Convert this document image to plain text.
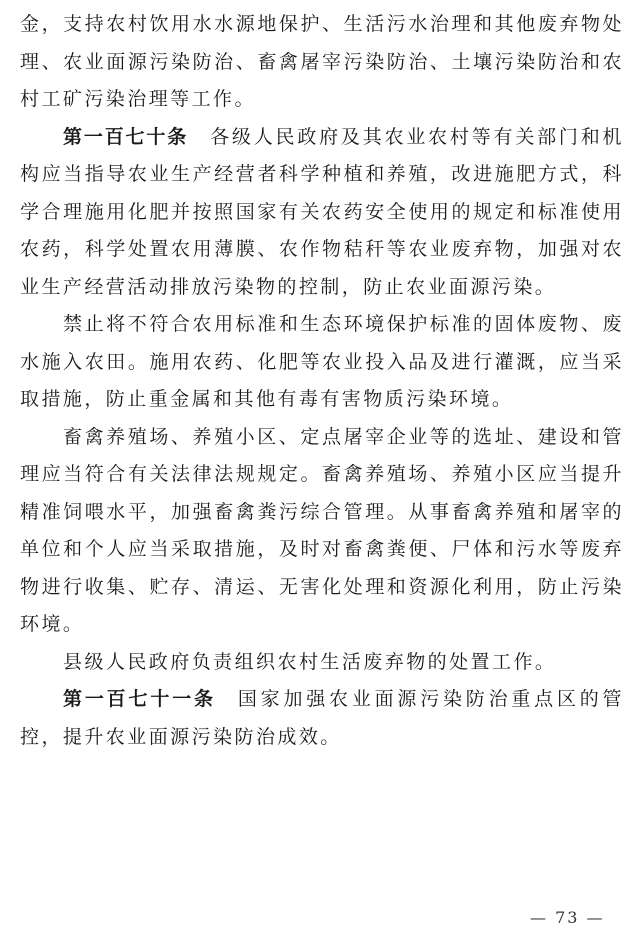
金，支持农村饮用水水源地保护、生活污水治理和其他废弃物处理、农业面源污染防治、畜禽屠宰污染防治、土壤污染防治和农村工矿污染治理等工作。

第一百七十条 各级人民政府及其农业农村等有关部门和机构应当指导农业生产经营者科学种植和养殖，改进施肥方式，科学合理施用化肥并按照国家有关农药安全使用的规定和标准使用农药，科学处置农用薄膜、农作物秸秆等农业废弃物，加强对农业生产经营活动排放污染物的控制，防止农业面源污染。

禁止将不符合农用标准和生态环境保护标准的固体废物、废水施入农田。施用农药、化肥等农业投入品及进行灌溉，应当采取措施，防止重金属和其他有毒有害物质污染环境。

畜禽养殖场、养殖小区、定点屠宰企业等的选址、建设和管理应当符合有关法律法规规定。畜禽养殖场、养殖小区应当提升精准饲喂水平，加强畜禽粪污综合管理。从事畜禽养殖和屠宰的单位和个人应当采取措施，及时对畜禽粪便、尸体和污水等废弃物进行收集、贮存、清运、无害化处理和资源化利用，防止污染环境。

县级人民政府负责组织农村生活废弃物的处置工作。

第一百七十一条 国家加强农业面源污染防治重点区的管控，提升农业面源污染防治成效。

— 73 —
